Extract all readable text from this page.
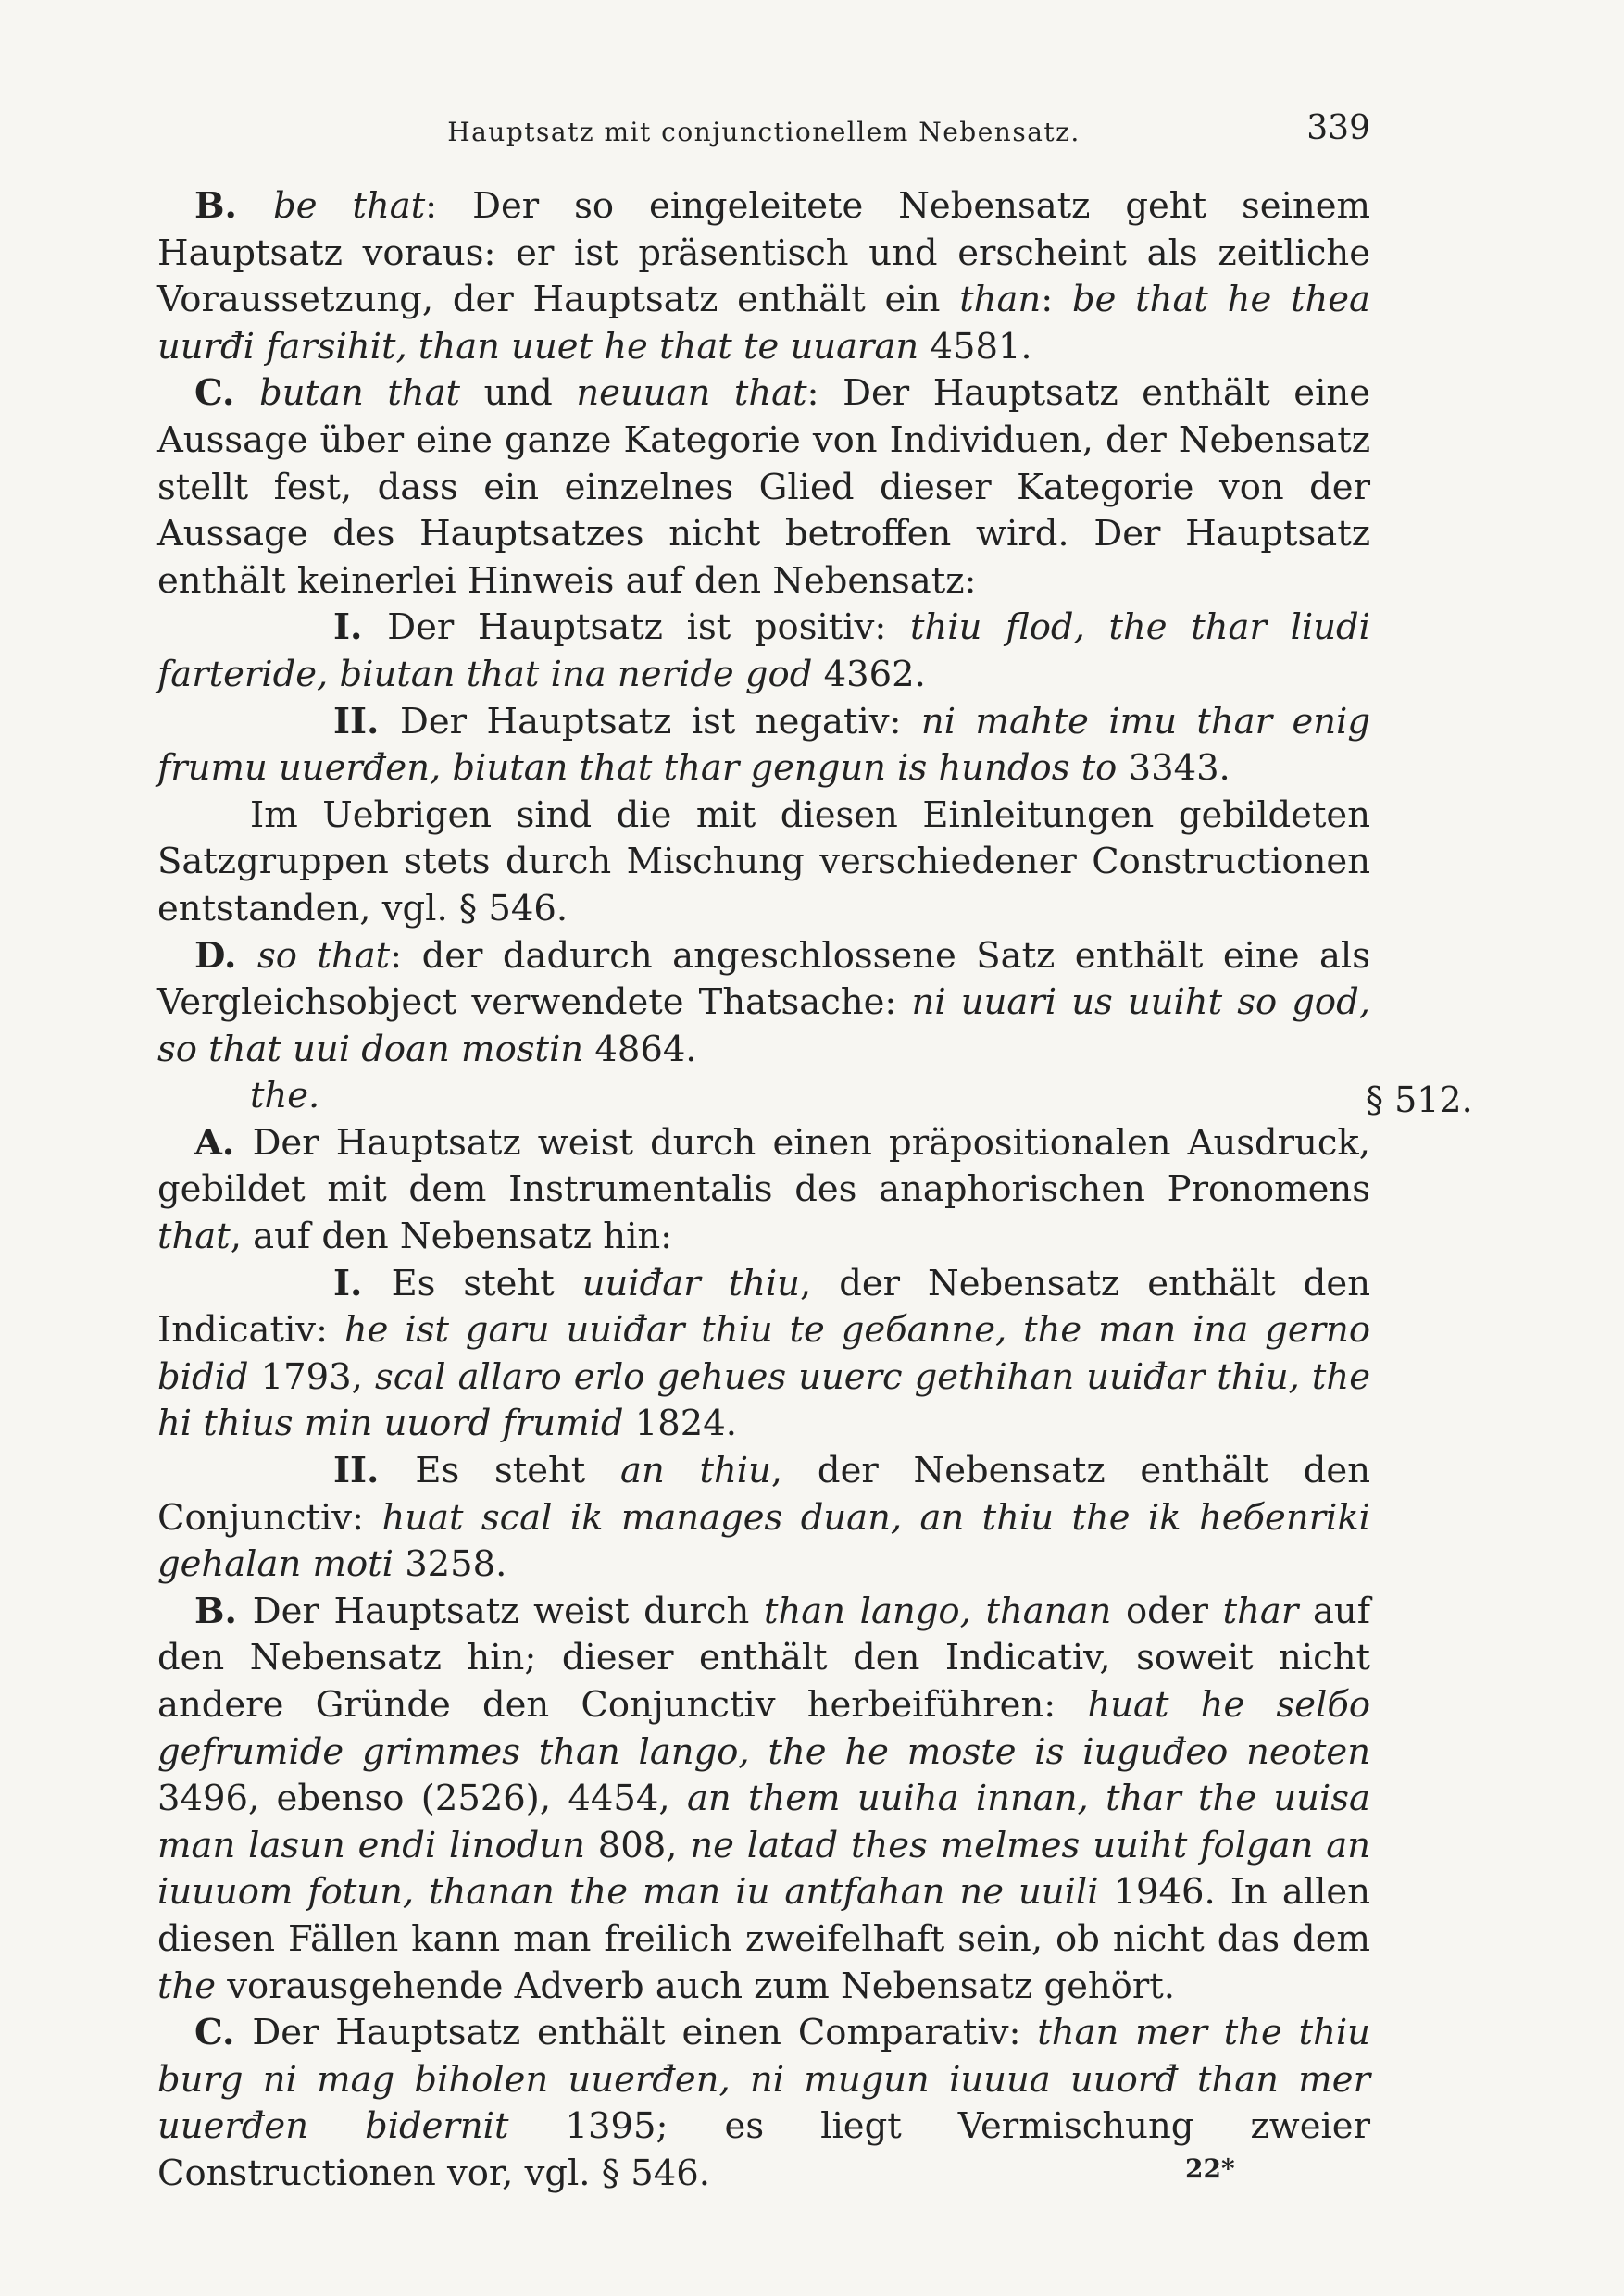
Hauptsatz mit conjunctionellem Nebensatz.	339

B. be that: Der so eingeleitete Nebensatz geht seinem Hauptsatz voraus: er ist präsentisch und erscheint als zeitliche Voraussetzung, der Hauptsatz enthält ein than: be that he thea uurđi farsihit, than uuet he that te uuaran 4581.

C. butan that und neuuan that: Der Hauptsatz enthält eine Aussage über eine ganze Kategorie von Individuen, der Nebensatz stellt fest, dass ein einzelnes Glied dieser Kategorie von der Aussage des Hauptsatzes nicht betroffen wird. Der Hauptsatz enthält keinerlei Hinweis auf den Nebensatz:

I. Der Hauptsatz ist positiv: thiu flod, the thar liudi farteride, biutan that ina neride god 4362.

II. Der Hauptsatz ist negativ: ni mahte imu thar enig frumu uuerđen, biutan that thar gengun is hundos to 3343.

Im Uebrigen sind die mit diesen Einleitungen gebildeten Satzgruppen stets durch Mischung verschiedener Constructionen entstanden, vgl. § 546.

D. so that: der dadurch angeschlossene Satz enthält eine als Vergleichsobject verwendete Thatsache: ni uuari us uuiht so god, so that uui doan mostin 4864.

the.

A. Der Hauptsatz weist durch einen präpositionalen Ausdruck, gebildet mit dem Instrumentalis des anaphorischen Pronomens that, auf den Nebensatz hin:

I. Es steht uuiđar thiu, der Nebensatz enthält den Indicativ: he ist garu uuiđar thiu te geбanne, the man ina gerno bidid 1793, scal allaro erlo gehues uuerc gethihan uuiđar thiu, the hi thius min uuord frumid 1824.

II. Es steht an thiu, der Nebensatz enthält den Conjunctiv: huat scal ik manages duan, an thiu the ik heбenriki gehalan moti 3258.

B. Der Hauptsatz weist durch than lango, thanan oder thar auf den Nebensatz hin; dieser enthält den Indicativ, soweit nicht andere Gründe den Conjunctiv herbeiführen: huat he selбo gefrumide grimmes than lango, the he moste is iuguđeo neoten 3496, ebenso (2526), 4454, an them uuiha innan, thar the uuisa man lasun endi linodun 808, ne latad thes melmes uuiht folgan an iuuuom fotun, thanan the man iu antfahan ne uuili 1946. In allen diesen Fällen kann man freilich zweifelhaft sein, ob nicht das dem the vorausgehende Adverb auch zum Nebensatz gehört.

C. Der Hauptsatz enthält einen Comparativ: than mer the thiu burg ni mag biholen uuerđen, ni mugun iuuua uuorđ than mer uuerđen bidernit 1395; es liegt Vermischung zweier Constructionen vor, vgl. § 546.

§ 512.
22*
